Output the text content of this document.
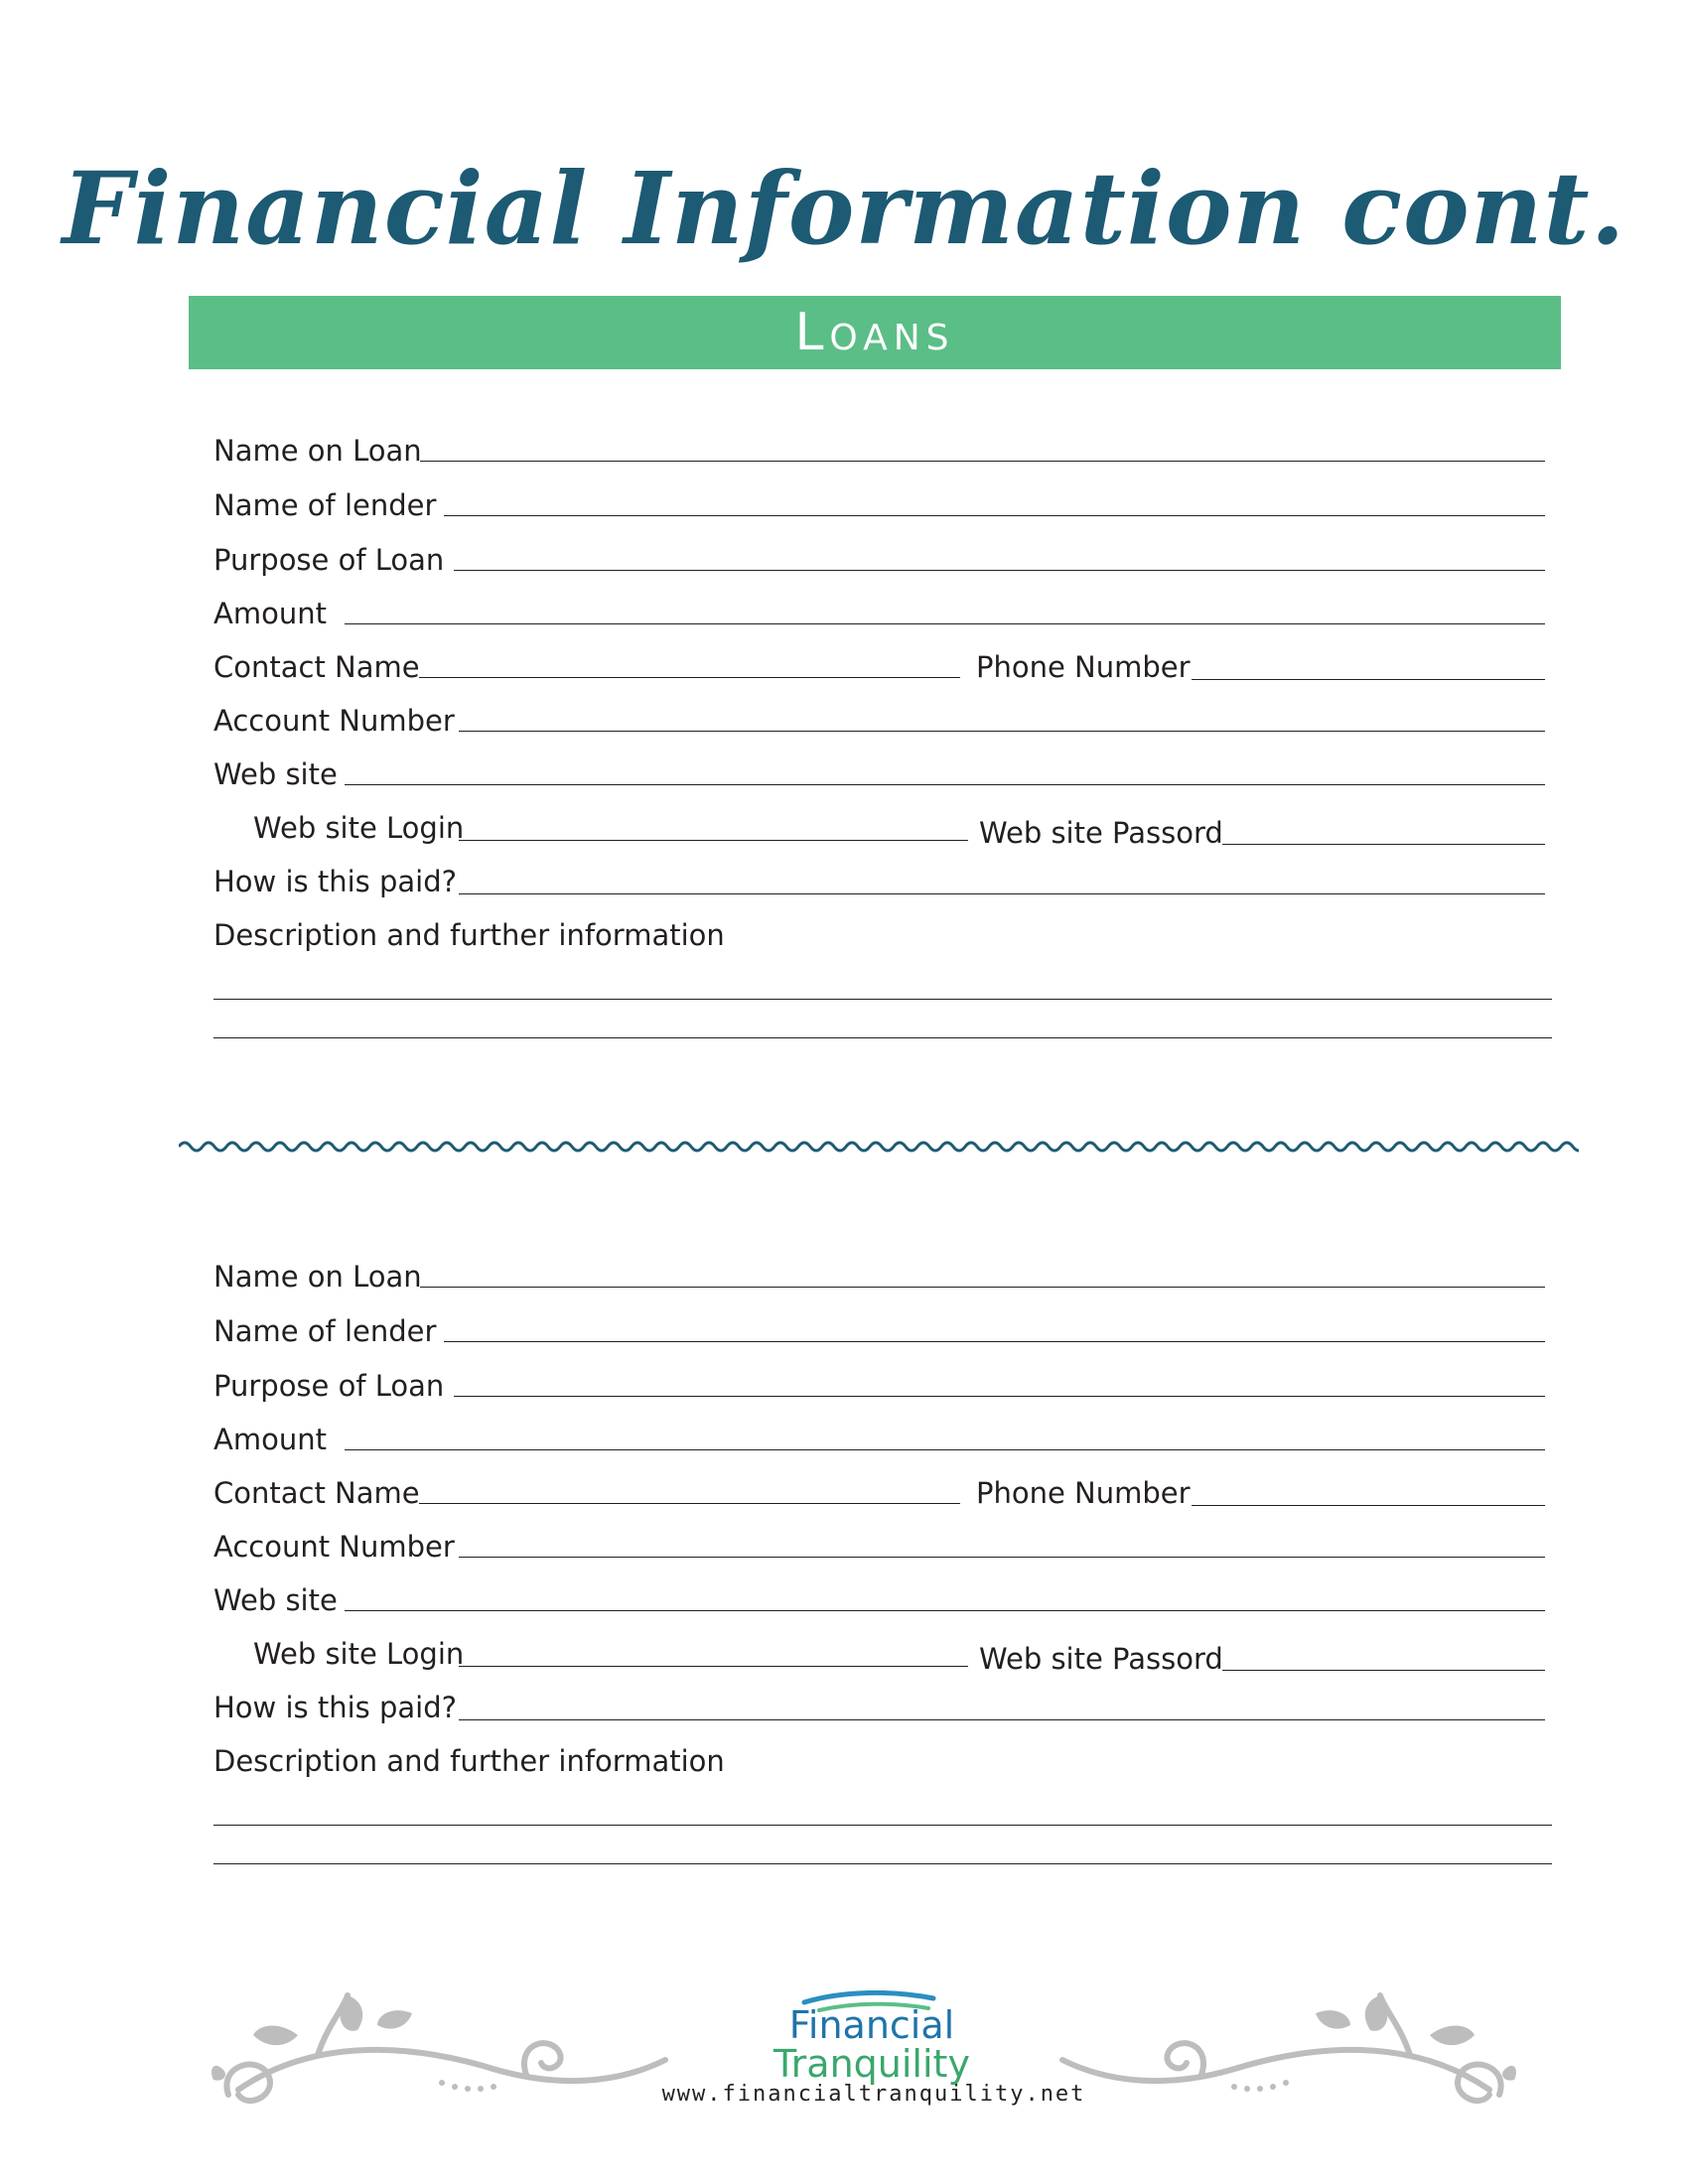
Financial Information cont.
Loans
Name on Loan
Name of lender
Purpose of Loan
Amount
Contact Name	Phone Number
Account Number
Web site
Web site Login	Web site Passord
How is this paid?
Description and further information
Name on Loan
Name of lender
Purpose of Loan
Amount
Contact Name	Phone Number
Account Number
Web site
Web site Login	Web site Passord
How is this paid?
Description and further information
Financial
Tranquility
www.financialtranquility.net
